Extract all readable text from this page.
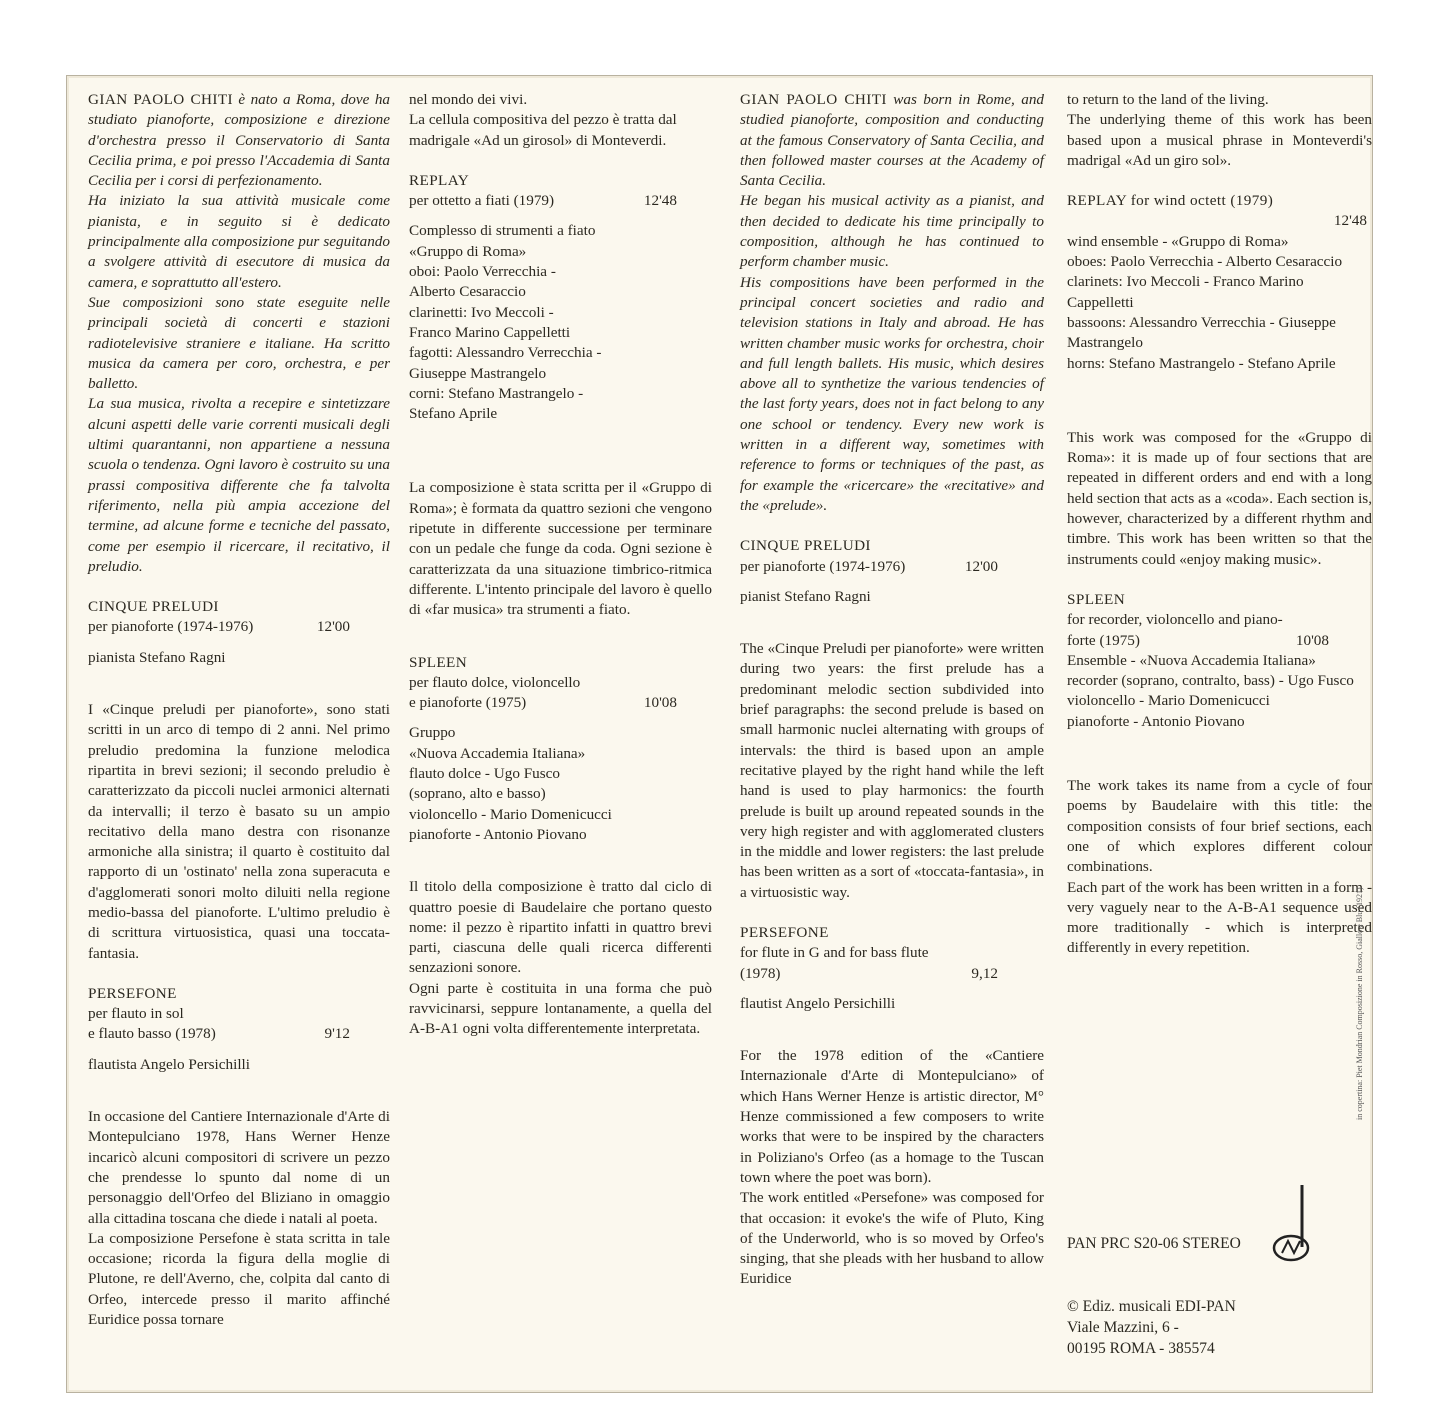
GIAN PAOLO CHITI è nato a Roma, dove ha studiato pianoforte, composizione e direzione d'orchestra presso il Conservatorio di Santa Cecilia prima, e poi presso l'Accademia di Santa Cecilia per i corsi di perfezionamento.

Ha iniziato la sua attività musicale come pianista, e in seguito si è dedicato principalmente alla composizione pur seguitando a svolgere attività di esecutore di musica da camera, e soprattutto all'estero.

Sue composizioni sono state eseguite nelle principali società di concerti e stazioni radiotelevisive straniere e italiane. Ha scritto musica da camera per coro, orchestra, e per balletto.

La sua musica, rivolta a recepire e sintetizzare alcuni aspetti delle varie correnti musicali degli ultimi quarantanni, non appartiene a nessuna scuola o tendenza. Ogni lavoro è costruito su una prassi compositiva differente che fa talvolta riferimento, nella più ampia accezione del termine, ad alcune forme e tecniche del passato, come per esempio il ricercare, il recitativo, il preludio.

CINQUE PRELUDI

per pianoforte (1974-1976)	12'00

pianista Stefano Ragni

I «Cinque preludi per pianoforte», sono stati scritti in un arco di tempo di 2 anni. Nel primo preludio predomina la funzione melodica ripartita in brevi sezioni; il secondo preludio è caratterizzato da piccoli nuclei armonici alternati da intervalli; il terzo è basato su un ampio recitativo della mano destra con risonanze armoniche alla sinistra; il quarto è costituito dal rapporto di un 'ostinato' nella zona superacuta e d'agglomerati sonori molto diluiti nella regione medio-bassa del pianoforte. L'ultimo preludio è di scrittura virtuosistica, quasi una toccata-fantasia.

PERSEFONE

per flauto in sol

e flauto basso (1978)	9'12

flautista Angelo Persichilli

In occasione del Cantiere Internazionale d'Arte di Montepulciano 1978, Hans Werner Henze incaricò alcuni compositori di scrivere un pezzo che prendesse lo spunto dal nome di un personaggio dell'Orfeo del Bliziano in omaggio alla cittadina toscana che diede i natali al poeta.

La composizione Persefone è stata scritta in tale occasione; ricorda la figura della moglie di Plutone, re dell'Averno, che, colpita dal canto di Orfeo, intercede presso il marito affinché Euridice possa tornare

nel mondo dei vivi.

La cellula compositiva del pezzo è tratta dal madrigale «Ad un girosol» di Monteverdi.

REPLAY

per ottetto a fiati (1979)	12'48
Complesso di strumenti a fiato
«Gruppo di Roma»
oboi: Paolo Verrecchia -
Alberto Cesaraccio
clarinetti: Ivo Meccoli -
Franco Marino Cappelletti
fagotti: Alessandro Verrecchia -
Giuseppe Mastrangelo
corni: Stefano Mastrangelo -
Stefano Aprile

La composizione è stata scritta per il «Gruppo di Roma»; è formata da quattro sezioni che vengono ripetute in differente successione per terminare con un pedale che funge da coda. Ogni sezione è caratterizzata da una situazione timbrico-ritmica differente. L'intento principale del lavoro è quello di «far musica» tra strumenti a fiato.

SPLEEN

per flauto dolce, violoncello

e pianoforte (1975)	10'08
Gruppo
«Nuova Accademia Italiana»
flauto dolce - Ugo Fusco
(soprano, alto e basso)
violoncello - Mario Domenicucci
pianoforte - Antonio Piovano

Il titolo della composizione è tratto dal ciclo di quattro poesie di Baudelaire che portano questo nome: il pezzo è ripartito infatti in quattro brevi parti, ciascuna delle quali ricerca differenti senzazioni sonore.

Ogni parte è costituita in una forma che può ravvicinarsi, seppure lontanamente, a quella del A-B-A1 ogni volta differentemente interpretata.

GIAN PAOLO CHITI was born in Rome, and studied pianoforte, composition and conducting at the famous Conservatory of Santa Cecilia, and then followed master courses at the Academy of Santa Cecilia.

He began his musical activity as a pianist, and then decided to dedicate his time principally to composition, although he has continued to perform chamber music.

His compositions have been performed in the principal concert societies and radio and television stations in Italy and abroad. He has written chamber music works for orchestra, choir and full length ballets. His music, which desires above all to synthetize the various tendencies of the last forty years, does not in fact belong to any one school or tendency. Every new work is written in a different way, sometimes with reference to forms or techniques of the past, as for example the «ricercare» the «recitative» and the «prelude».

CINQUE PRELUDI

per pianoforte (1974-1976)	12'00

pianist Stefano Ragni

The «Cinque Preludi per pianoforte» were written during two years: the first prelude has a predominant melodic section subdivided into brief paragraphs: the second prelude is based on small harmonic nuclei alternating with groups of intervals: the third is based upon an ample recitative played by the right hand while the left hand is used to play harmonics: the fourth prelude is built up around repeated sounds in the very high register and with agglomerated clusters in the middle and lower registers: the last prelude has been written as a sort of «toccata-fantasia», in a virtuosistic way.

PERSEFONE

for flute in G and for bass flute

(1978)	9,12

flautist Angelo Persichilli

For the 1978 edition of the «Cantiere Internazionale d'Arte di Montepulciano» of which Hans Werner Henze is artistic director, M° Henze commissioned a few composers to write works that were to be inspired by the characters in Poliziano's Orfeo (as a homage to the Tuscan town where the poet was born).

The work entitled «Persefone» was composed for that occasion: it evoke's the wife of Pluto, King of the Underworld, who is so moved by Orfeo's singing, that she pleads with her husband to allow Euridice

to return to the land of the living.

The underlying theme of this work has been based upon a musical phrase in Monteverdi's madrigal «Ad un giro sol».

REPLAY for wind octett (1979)

12'48

wind ensemble - «Gruppo di Roma»
oboes: Paolo Verrecchia - Alberto Cesaraccio
clarinets: Ivo Meccoli - Franco Marino Cappelletti
bassoons: Alessandro Verrecchia - Giuseppe Mastrangelo
horns: Stefano Mastrangelo - Stefano Aprile

This work was composed for the «Gruppo di Roma»: it is made up of four sections that are repeated in different orders and end with a long held section that acts as a «coda». Each section is, however, characterized by a different rhythm and timbre. This work has been written so that the instruments could «enjoy making music».

SPLEEN

for recorder, violoncello and piano-

forte (1975)	10'08
Ensemble - «Nuova Accademia Italiana»
recorder (soprano, contralto, bass) - Ugo Fusco
violoncello - Mario Domenicucci
pianoforte - Antonio Piovano

The work takes its name from a cycle of four poems by Baudelaire with this title: the composition consists of four brief sections, each one of which explores different colour combinations.

Each part of the work has been written in a form - very vaguely near to the A-B-A1 sequence used more traditionally - which is interpreted differently in every repetition.	in copertina: Piet Mondrian Composizione in Rosso, Giallo e Blu (1921)
PAN PRC S20-06 STEREO
© Ediz. musicali EDI-PAN
Viale Mazzini, 6 -
00195 ROMA - 385574
